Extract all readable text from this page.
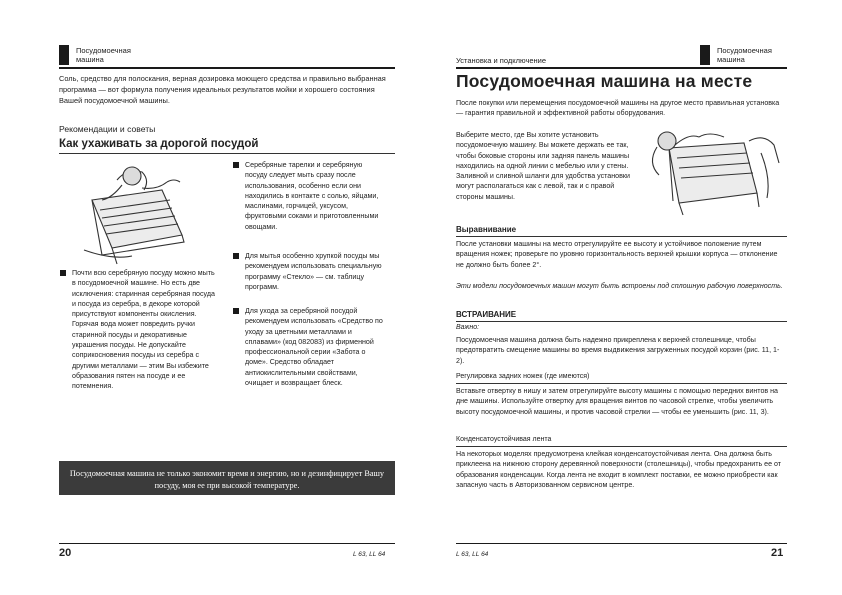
Посудомоечная машина
Соль, средство для полоскания, верная дозировка моющего средства и правильно выбранная программа — вот формула получения идеальных результатов мойки и хорошего состояния Вашей посудомоечной машины.
Рекомендации и советы
Как ухаживать за дорогой посудой
Почти всю серебряную посуду можно мыть в посудомоечной машине. Но есть две исключения: старинная серебряная посуда и посуда из серебра, в декоре которой присутствуют компоненты окисления. Горячая вода может повредить ручки старинной посуды и декоративные украшения посуды. Не допускайте соприкосновения посуды из серебра с другими металлами — этим Вы избежите образования пятен на посуде и ее потемнения.
Серебряные тарелки и серебряную посуду следует мыть сразу после использования, особенно если они находились в контакте с солью, яйцами, маслинами, горчицей, уксусом, фруктовыми соками и приготовленными овощами.
Для мытья особенно хрупкой посуды мы рекомендуем использовать специальную программу «Стекло» — см. таблицу программ.
Для ухода за серебряной посудой рекомендуем использовать «Средство по уходу за цветными металлами и сплавами» (код 082083) из фирменной профессиональной серии «Забота о доме». Средство обладает антиокислительными свойствами, очищает и возвращает блеск.
Посудомоечная машина не только экономит время и энергию, но и дезинфицирует Вашу посуду, моя ее при высокой температуре.
20	L 63, LL 64
Установка и подключение
Посудомоечная машина
Посудомоечная машина на месте
После покупки или перемещения посудомоечной машины на другое место правильная установка — гарантия правильной и эффективной работы оборудования.
Выберите место, где Вы хотите установить посудомоечную машину. Вы можете держать ее так, чтобы боковые стороны или задняя панель машины находились на одной линии с мебелью или у стены. Заливной и сливной шланги для удобства установки могут располагаться как с левой, так и с правой стороны машины.
Выравнивание
После установки машины на место отрегулируйте ее высоту и устойчивое положение путем вращения ножек; проверьте по уровню горизонтальность верхней крышки корпуса — отклонение не должно быть более 2°.
Эти модели посудомоечных машин могут быть встроены под сплошную рабочую поверхность.
ВСТРАИВАНИЕ
Важно:
Посудомоечная машина должна быть надежно прикреплена к верхней столешнице, чтобы предотвратить смещение машины во время выдвижения загруженных посудой корзин (рис. 11, 1-2).
Регулировка задних ножек (где имеются)
Вставьте отвертку в нишу и затем отрегулируйте высоту машины с помощью передних винтов на дне машины. Используйте отвертку для вращения винтов по часовой стрелке, чтобы увеличить высоту посудомоечной машины, и против часовой стрелки — чтобы ее уменьшить (рис. 11, 3).
Конденсатоустойчивая лента
На некоторых моделях предусмотрена клейкая конденсатоустойчивая лента. Она должна быть приклеена на нижнюю сторону деревянной поверхности (столешницы), чтобы предохранить ее от образования конденсации. Когда лента не входит в комплект поставки, ее можно приобрести как запасную часть в Авторизованном сервисном центре.
L 63, LL 64	21
